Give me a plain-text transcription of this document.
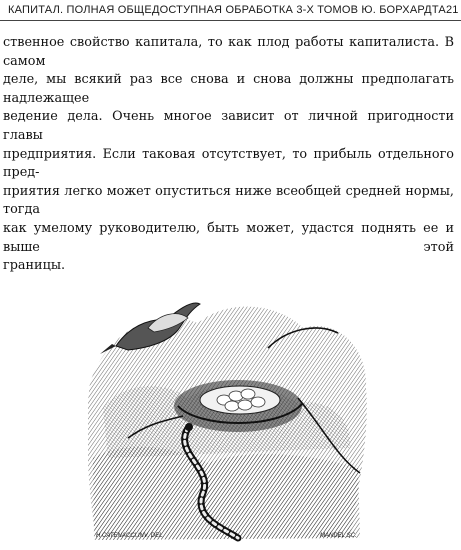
КАПИТАЛ. ПОЛНАЯ ОБЩЕДОСТУПНАЯ ОБРАБОТКА 3-Х ТОМОВ Ю. БОРХАРДТА 21

ственное свойство капитала, то как плод работы капиталиста. В самом
деле, мы всякий раз все снова и снова должны предполагать надлежащее
ведение дела. Очень многое зависит от личной пригодности главы
предприятия. Если таковая отсутствует, то прибыль отдельного пред-
приятия легко может опуститься ниже всеобщей средней нормы, тогда
как умелому руководителю, быть может, удастся поднять ее и выше этой
границы.

H.CATENACCI.INV. DEL.	MANDEL SC.
